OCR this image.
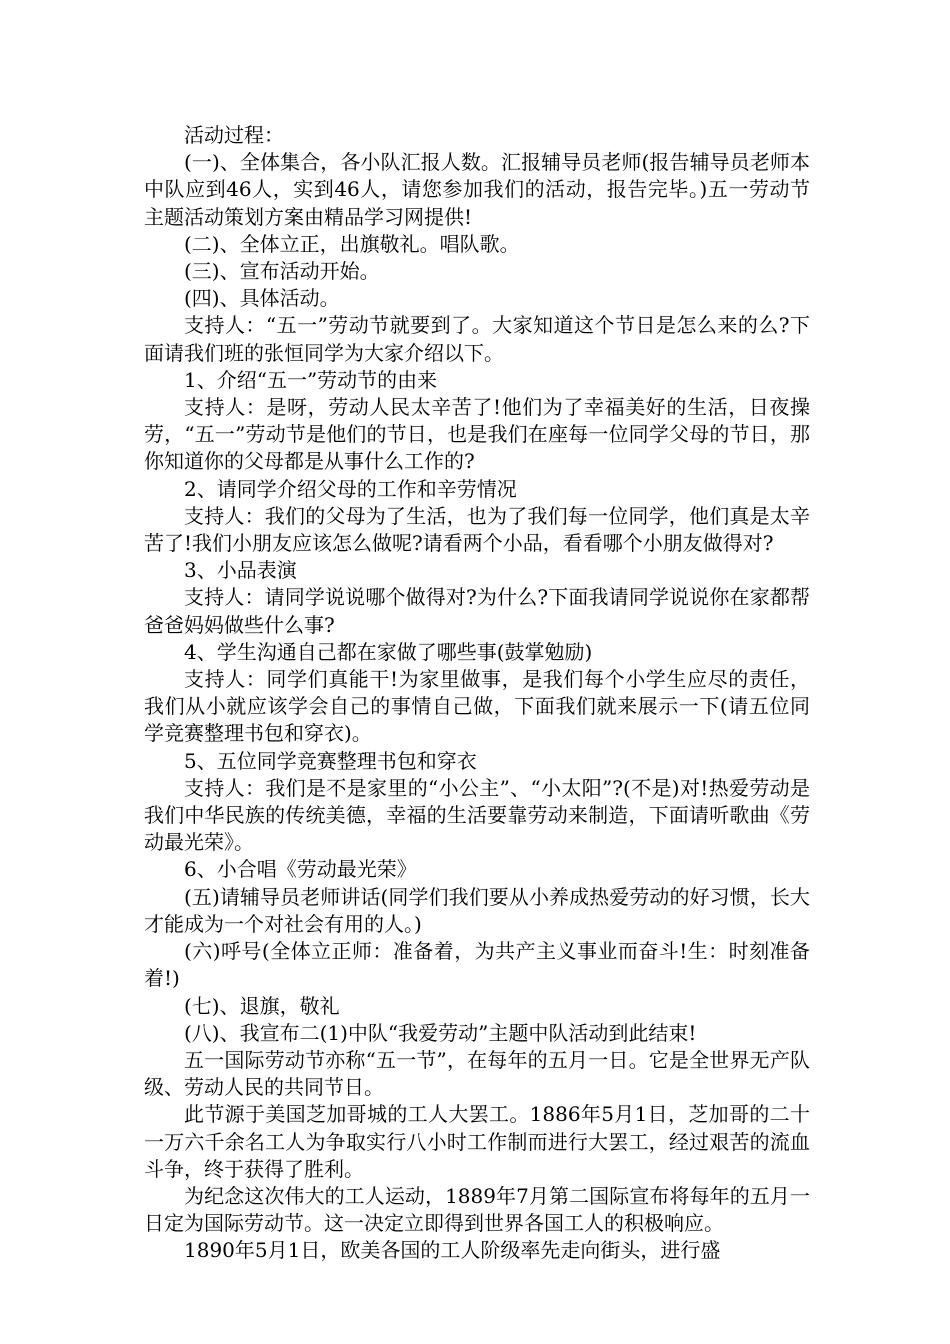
活动过程：

(一)、全体集合，各小队汇报人数。汇报辅导员老师(报告辅导员老师本中队应到46人，实到46人，请您参加我们的活动，报告完毕。)五一劳动节主题活动策划方案由精品学习网提供!

(二)、全体立正，出旗敬礼。唱队歌。

(三)、宣布活动开始。

(四)、具体活动。

支持人：“五一”劳动节就要到了。大家知道这个节日是怎么来的么?下面请我们班的张恒同学为大家介绍以下。

1、介绍“五一”劳动节的由来

支持人：是呀，劳动人民太辛苦了!他们为了幸福美好的生活，日夜操劳，“五一”劳动节是他们的节日，也是我们在座每一位同学父母的节日，那你知道你的父母都是从事什么工作的?

2、请同学介绍父母的工作和辛劳情况

支持人：我们的父母为了生活，也为了我们每一位同学，他们真是太辛苦了!我们小朋友应该怎么做呢?请看两个小品，看看哪个小朋友做得对?

3、小品表演

支持人：请同学说说哪个做得对?为什么?下面我请同学说说你在家都帮爸爸妈妈做些什么事?

4、学生沟通自己都在家做了哪些事(鼓掌勉励)

支持人：同学们真能干!为家里做事，是我们每个小学生应尽的责任，我们从小就应该学会自己的事情自己做，下面我们就来展示一下(请五位同学竞赛整理书包和穿衣)。

5、五位同学竞赛整理书包和穿衣

支持人：我们是不是家里的“小公主”、“小太阳”?(不是)对!热爱劳动是我们中华民族的传统美德，幸福的生活要靠劳动来制造，下面请听歌曲《劳动最光荣》。

6、小合唱《劳动最光荣》

(五)请辅导员老师讲话(同学们我们要从小养成热爱劳动的好习惯，长大才能成为一个对社会有用的人。)

(六)呼号(全体立正师：准备着，为共产主义事业而奋斗!生：时刻准备着!)

(七)、退旗，敬礼

(八)、我宣布二(1)中队“我爱劳动”主题中队活动到此结束!

五一国际劳动节亦称“五一节”，在每年的五月一日。它是全世界无产队级、劳动人民的共同节日。

此节源于美国芝加哥城的工人大罢工。1886年5月1日，芝加哥的二十一万六千余名工人为争取实行八小时工作制而进行大罢工，经过艰苦的流血斗争，终于获得了胜利。

为纪念这次伟大的工人运动，1889年7月第二国际宣布将每年的五月一日定为国际劳动节。这一决定立即得到世界各国工人的积极响应。

1890年5月1日，欧美各国的工人阶级率先走向街头，进行盛
